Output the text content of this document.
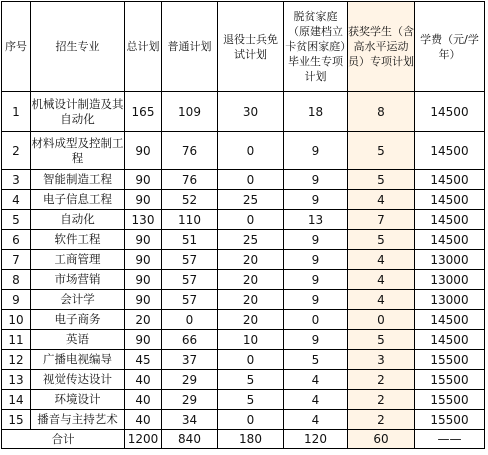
序号	招生专业	总计划	普通计划	退役士兵免试计划	脱贫家庭（原建档立卡贫困家庭）毕业生专项计划	获奖学生（含高水平运动员）专项计划	学费（元/学年）
1	机械设计制造及其自动化	165	109	30	18	8	14500
2	材料成型及控制工程	90	76	0	9	5	14500
3	智能制造工程	90	76	0	9	5	14500
4	电子信息工程	90	52	25	9	4	14500
5	自动化	130	110	0	13	7	14500
6	软件工程	90	51	25	9	5	14500
7	工商管理	90	57	20	9	4	13000
8	市场营销	90	57	20	9	4	13000
9	会计学	90	57	20	9	4	13000
10	电子商务	20	0	20	0	0	14500
11	英语	90	66	10	9	5	14500
12	广播电视编导	45	37	0	5	3	15500
13	视觉传达设计	40	29	5	4	2	15500
14	环境设计	40	29	5	4	2	15500
15	播音与主持艺术	40	34	0	4	2	15500
合计		1200	840	180	120	60	——
